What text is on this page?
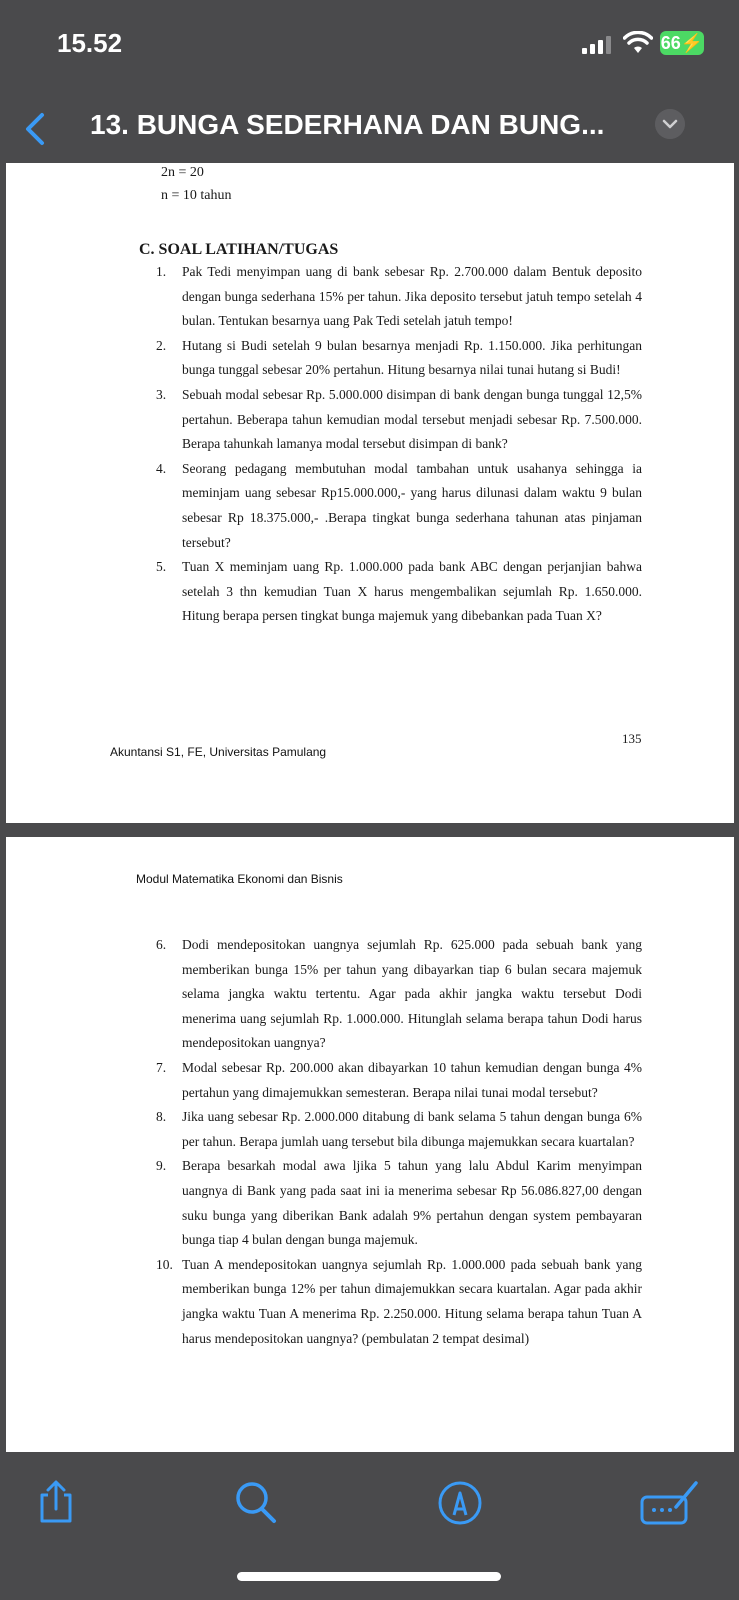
15.52	66⚡
13. BUNGA SEDERHANA DAN BUNG...
2n = 20
n = 10 tahun
C. SOAL LATIHAN/TUGAS
1. Pak Tedi menyimpan uang di bank sebesar Rp. 2.700.000 dalam Bentuk deposito dengan bunga sederhana 15% per tahun. Jika deposito tersebut jatuh tempo setelah 4 bulan. Tentukan besarnya uang Pak Tedi setelah jatuh tempo!
2. Hutang si Budi setelah 9 bulan besarnya menjadi Rp. 1.150.000. Jika perhitungan bunga tunggal sebesar 20% pertahun. Hitung besarnya nilai tunai hutang si Budi!
3. Sebuah modal sebesar Rp. 5.000.000 disimpan di bank dengan bunga tunggal 12,5% pertahun. Beberapa tahun kemudian modal tersebut menjadi sebesar Rp. 7.500.000. Berapa tahunkah lamanya modal tersebut disimpan di bank?
4. Seorang pedagang membutuhan modal tambahan untuk usahanya sehingga ia meminjam uang sebesar Rp15.000.000,- yang harus dilunasi dalam waktu 9 bulan sebesar Rp 18.375.000,- .Berapa tingkat bunga sederhana tahunan atas pinjaman tersebut?
5. Tuan X meminjam uang Rp. 1.000.000 pada bank ABC dengan perjanjian bahwa setelah 3 thn kemudian Tuan X harus mengembalikan sejumlah Rp. 1.650.000. Hitung berapa persen tingkat bunga majemuk yang dibebankan pada Tuan X?
135
Akuntansi S1, FE, Universitas Pamulang
Modul Matematika Ekonomi dan Bisnis
6. Dodi mendepositokan uangnya sejumlah Rp. 625.000 pada sebuah bank yang memberikan bunga 15% per tahun yang dibayarkan tiap 6 bulan secara majemuk selama jangka waktu tertentu. Agar pada akhir jangka waktu tersebut Dodi menerima uang sejumlah Rp. 1.000.000. Hitunglah selama berapa tahun Dodi harus mendepositokan uangnya?
7. Modal sebesar Rp. 200.000 akan dibayarkan 10 tahun kemudian dengan bunga 4% pertahun yang dimajemukkan semesteran. Berapa nilai tunai modal tersebut?
8. Jika uang sebesar Rp. 2.000.000 ditabung di bank selama 5 tahun dengan bunga 6% per tahun. Berapa jumlah uang tersebut bila dibunga majemukkan secara kuartalan?
9. Berapa besarkah modal awa ljika 5 tahun yang lalu Abdul Karim menyimpan uangnya di Bank yang pada saat ini ia menerima sebesar Rp 56.086.827,00 dengan suku bunga yang diberikan Bank adalah 9% pertahun dengan system pembayaran bunga tiap 4 bulan dengan bunga majemuk.
10. Tuan A mendepositokan uangnya sejumlah Rp. 1.000.000 pada sebuah bank yang memberikan bunga 12% per tahun dimajemukkan secara kuartalan. Agar pada akhir jangka waktu Tuan A menerima Rp. 2.250.000. Hitung selama berapa tahun Tuan A harus mendepositokan uangnya? (pembulatan 2 tempat desimal)
